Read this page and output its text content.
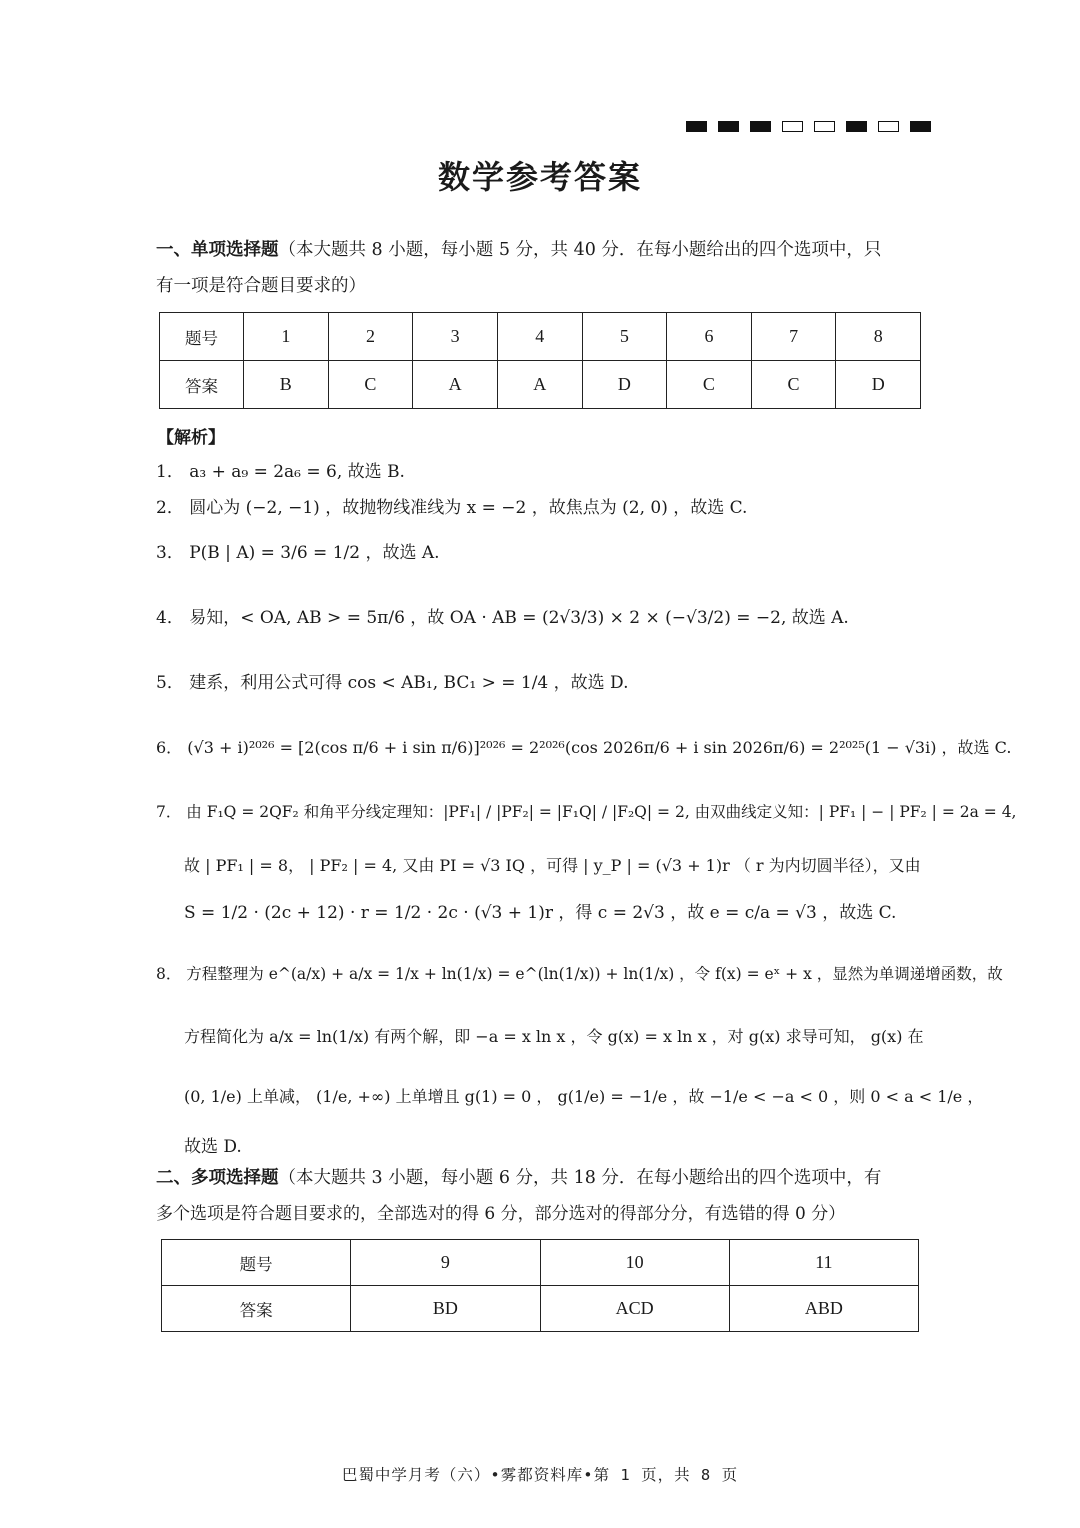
数学参考答案
一、单项选择题（本大题共 8 小题，每小题 5 分，共 40 分．在每小题给出的四个选项中，只
有一项是符合题目要求的）
题号	1	2	3	4	5	6	7	8
答案	B	C	A	A	D	C	C	D
【解析】
1． a₃ + a₉ = 2a₆ = 6, 故选 B.
2． 圆心为 (−2, −1) ，故抛物线准线为 x = −2 ，故焦点为 (2, 0) ，故选 C.
3． P(B | A) = 3/6 = 1/2 ，故选 A.
4． 易知，< OA, AB > = 5π/6 ，故 OA · AB = (2√3/3) × 2 × (−√3/2) = −2, 故选 A.
5． 建系，利用公式可得 cos < AB₁, BC₁ > = 1/4 ，故选 D.
6． (√3 + i)²⁰²⁶ = [2(cos π/6 + i sin π/6)]²⁰²⁶ = 2²⁰²⁶(cos 2026π/6 + i sin 2026π/6) = 2²⁰²⁵(1 − √3i) ，故选 C.
7． 由 F₁Q = 2QF₂ 和角平分线定理知：|PF₁| / |PF₂| = |F₁Q| / |F₂Q| = 2, 由双曲线定义知：| PF₁ | − | PF₂ | = 2a = 4,
故 | PF₁ | = 8， | PF₂ | = 4, 又由 PI = √3 IQ ，可得 | y_P | = (√3 + 1)r （ r 为内切圆半径），又由
S = 1/2 · (2c + 12) · r = 1/2 · 2c · (√3 + 1)r ，得 c = 2√3 ，故 e = c/a = √3 ，故选 C.
8． 方程整理为 e^(a/x) + a/x = 1/x + ln(1/x) = e^(ln(1/x)) + ln(1/x) ，令 f(x) = eˣ + x ，显然为单调递增函数，故
方程简化为 a/x = ln(1/x) 有两个解，即 −a = x ln x ，令 g(x) = x ln x ，对 g(x) 求导可知， g(x) 在
(0, 1/e) 上单减， (1/e, +∞) 上单增且 g(1) = 0 ， g(1/e) = −1/e ，故 −1/e < −a < 0 ，则 0 < a < 1/e ，
故选 D.
二、多项选择题（本大题共 3 小题，每小题 6 分，共 18 分．在每小题给出的四个选项中，有
多个选项是符合题目要求的，全部选对的得 6 分，部分选对的得部分分，有选错的得 0 分）
题号	9	10	11
答案	BD	ACD	ABD
巴蜀中学月考（六）•雾都资料库•第 1 页，共 8 页
